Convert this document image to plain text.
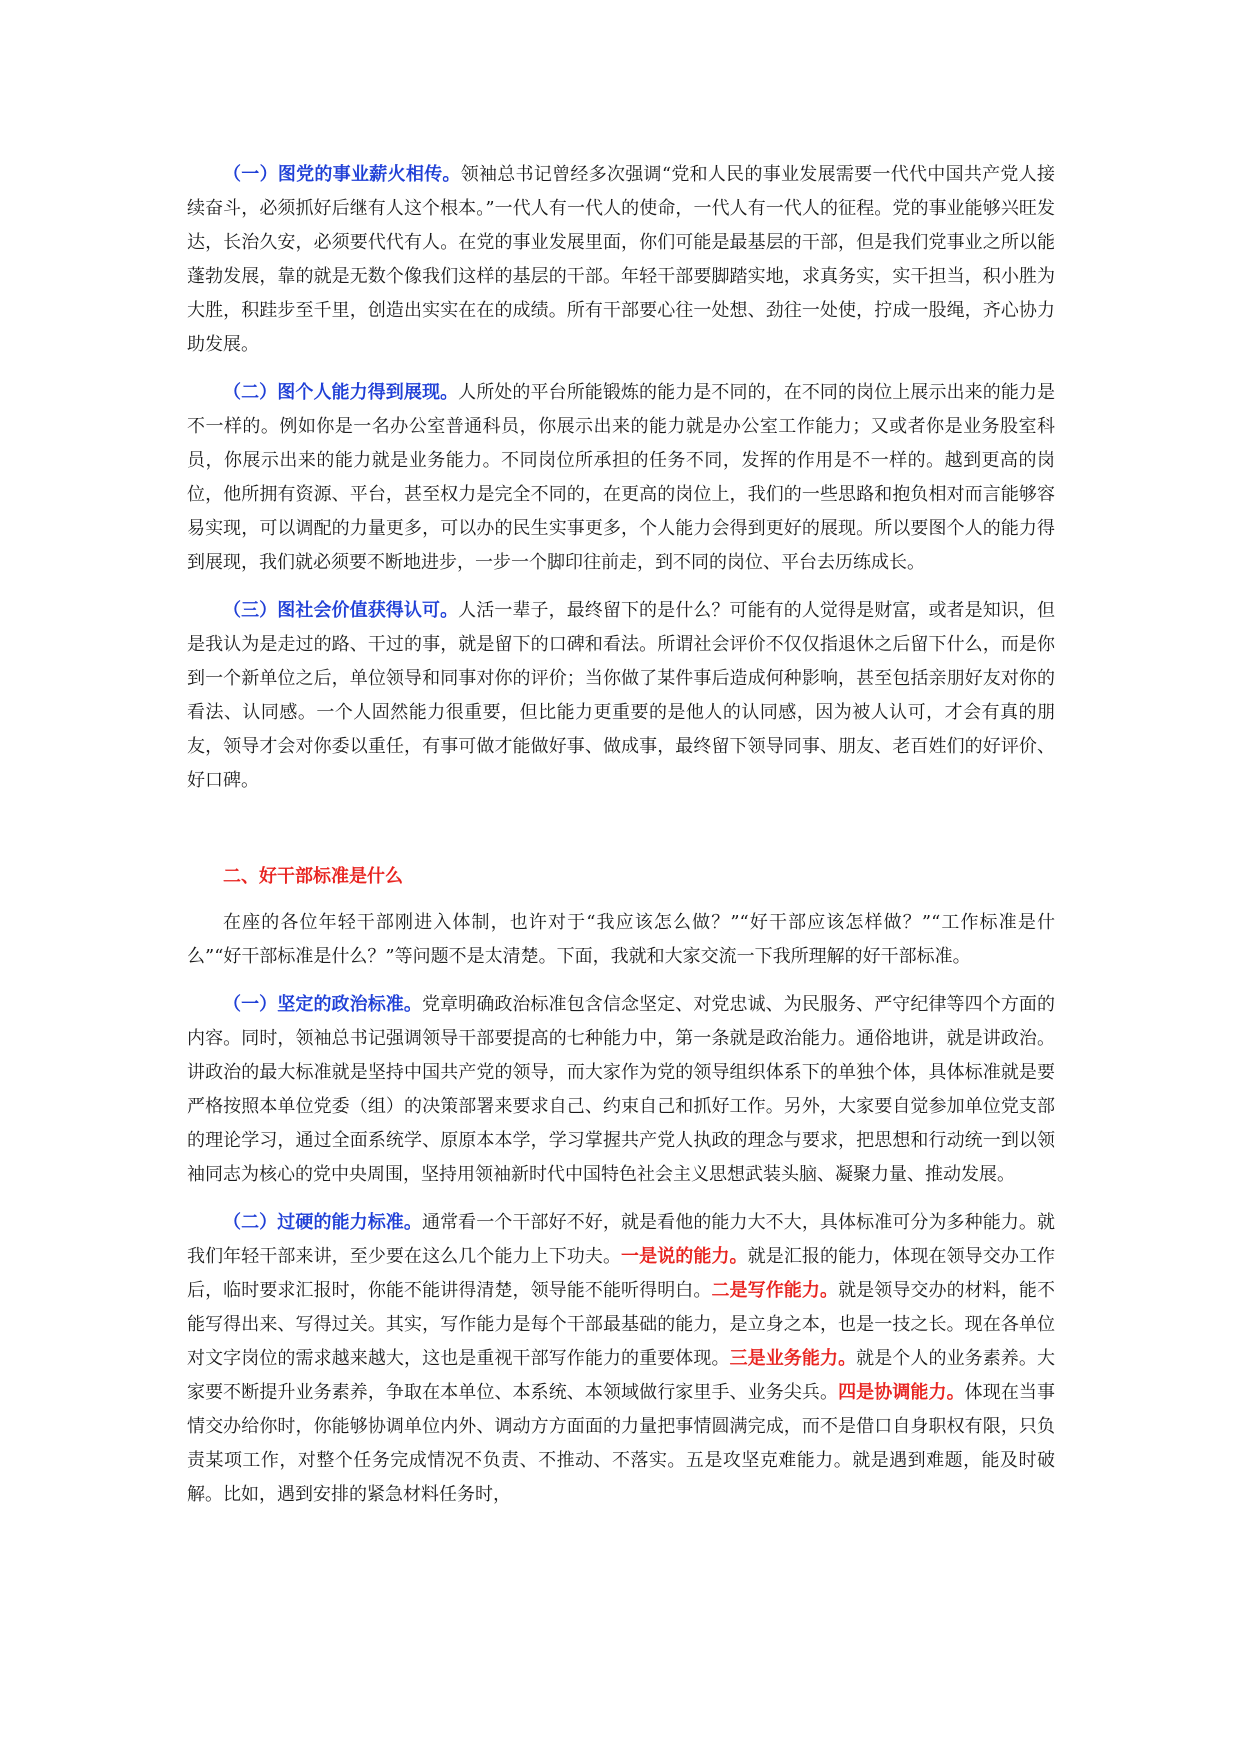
（一）图党的事业薪火相传。领袖总书记曾经多次强调“党和人民的事业发展需要一代代中国共产党人接续奋斗，必须抓好后继有人这个根本。”一代人有一代人的使命，一代人有一代人的征程。党的事业能够兴旺发达，长治久安，必须要代代有人。在党的事业发展里面，你们可能是最基层的干部，但是我们党事业之所以能蓬勃发展，靠的就是无数个像我们这样的基层的干部。年轻干部要脚踏实地，求真务实，实干担当，积小胜为大胜，积跬步至千里，创造出实实在在的成绩。所有干部要心往一处想、劲往一处使，拧成一股绳，齐心协力助发展。

（二）图个人能力得到展现。人所处的平台所能锻炼的能力是不同的，在不同的岗位上展示出来的能力是不一样的。例如你是一名办公室普通科员，你展示出来的能力就是办公室工作能力；又或者你是业务股室科员，你展示出来的能力就是业务能力。不同岗位所承担的任务不同，发挥的作用是不一样的。越到更高的岗位，他所拥有资源、平台，甚至权力是完全不同的，在更高的岗位上，我们的一些思路和抱负相对而言能够容易实现，可以调配的力量更多，可以办的民生实事更多，个人能力会得到更好的展现。所以要图个人的能力得到展现，我们就必须要不断地进步，一步一个脚印往前走，到不同的岗位、平台去历练成长。

（三）图社会价值获得认可。人活一辈子，最终留下的是什么？可能有的人觉得是财富，或者是知识，但是我认为是走过的路、干过的事，就是留下的口碑和看法。所谓社会评价不仅仅指退休之后留下什么，而是你到一个新单位之后，单位领导和同事对你的评价；当你做了某件事后造成何种影响，甚至包括亲朋好友对你的看法、认同感。一个人固然能力很重要，但比能力更重要的是他人的认同感，因为被人认可，才会有真的朋友，领导才会对你委以重任，有事可做才能做好事、做成事，最终留下领导同事、朋友、老百姓们的好评价、好口碑。

二、好干部标准是什么

在座的各位年轻干部刚进入体制，也许对于“我应该怎么做？”“好干部应该怎样做？”“工作标准是什么”“好干部标准是什么？”等问题不是太清楚。下面，我就和大家交流一下我所理解的好干部标准。

（一）坚定的政治标准。党章明确政治标准包含信念坚定、对党忠诚、为民服务、严守纪律等四个方面的内容。同时，领袖总书记强调领导干部要提高的七种能力中，第一条就是政治能力。通俗地讲，就是讲政治。讲政治的最大标准就是坚持中国共产党的领导，而大家作为党的领导组织体系下的单独个体，具体标准就是要严格按照本单位党委（组）的决策部署来要求自己、约束自己和抓好工作。另外，大家要自觉参加单位党支部的理论学习，通过全面系统学、原原本本学，学习掌握共产党人执政的理念与要求，把思想和行动统一到以领袖同志为核心的党中央周围，坚持用领袖新时代中国特色社会主义思想武装头脑、凝聚力量、推动发展。

（二）过硬的能力标准。通常看一个干部好不好，就是看他的能力大不大，具体标准可分为多种能力。就我们年轻干部来讲，至少要在这么几个能力上下功夫。一是说的能力。就是汇报的能力，体现在领导交办工作后，临时要求汇报时，你能不能讲得清楚，领导能不能听得明白。二是写作能力。就是领导交办的材料，能不能写得出来、写得过关。其实，写作能力是每个干部最基础的能力，是立身之本，也是一技之长。现在各单位对文字岗位的需求越来越大，这也是重视干部写作能力的重要体现。三是业务能力。就是个人的业务素养。大家要不断提升业务素养，争取在本单位、本系统、本领域做行家里手、业务尖兵。四是协调能力。体现在当事情交办给你时，你能够协调单位内外、调动方方面面的力量把事情圆满完成，而不是借口自身职权有限，只负责某项工作，对整个任务完成情况不负责、不推动、不落实。五是攻坚克难能力。就是遇到难题，能及时破解。比如，遇到安排的紧急材料任务时，
